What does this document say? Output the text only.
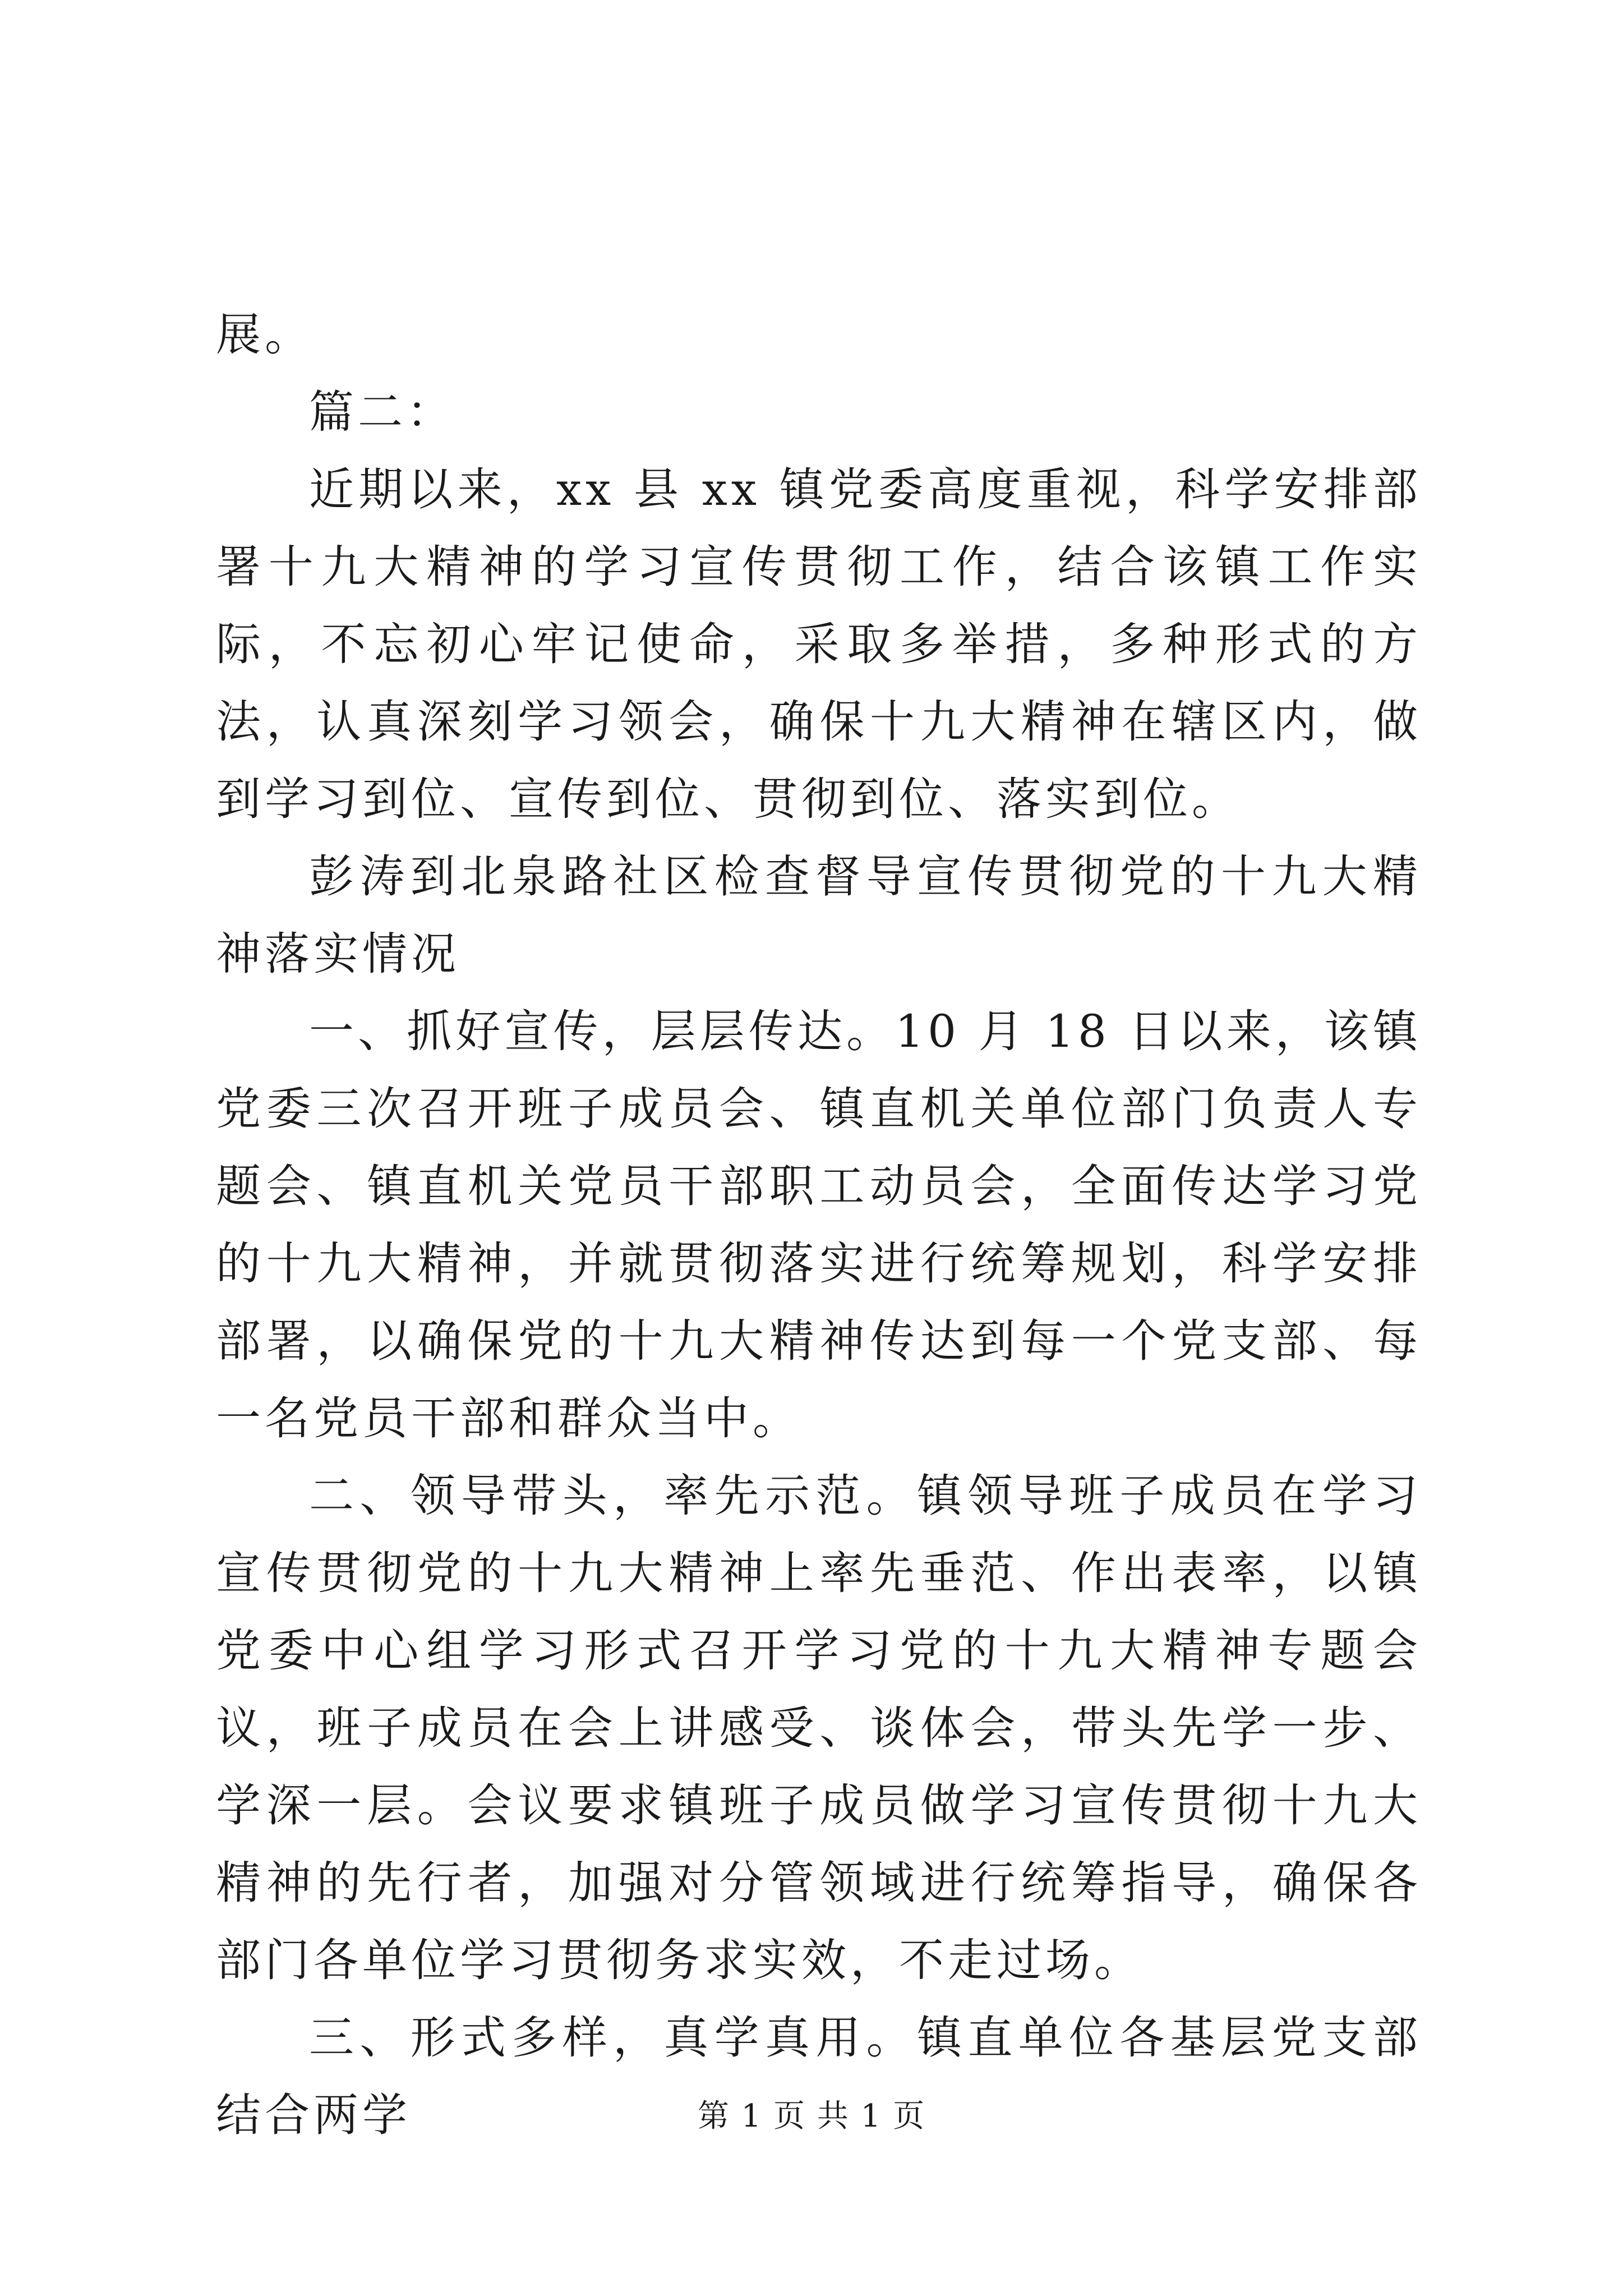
展。

篇二：

近期以来，xx 县 xx 镇党委高度重视，科学安排部署十九大精神的学习宣传贯彻工作，结合该镇工作实际，不忘初心牢记使命，采取多举措，多种形式的方法，认真深刻学习领会，确保十九大精神在辖区内，做到学习到位、宣传到位、贯彻到位、落实到位。

彭涛到北泉路社区检查督导宣传贯彻党的十九大精神落实情况

一、抓好宣传，层层传达。10 月 18 日以来，该镇党委三次召开班子成员会、镇直机关单位部门负责人专题会、镇直机关党员干部职工动员会，全面传达学习党的十九大精神，并就贯彻落实进行统筹规划，科学安排部署，以确保党的十九大精神传达到每一个党支部、每一名党员干部和群众当中。

二、领导带头，率先示范。镇领导班子成员在学习宣传贯彻党的十九大精神上率先垂范、作出表率，以镇党委中心组学习形式召开学习党的十九大精神专题会议，班子成员在会上讲感受、谈体会，带头先学一步、学深一层。会议要求镇班子成员做学习宣传贯彻十九大精神的先行者，加强对分管领域进行统筹指导，确保各部门各单位学习贯彻务求实效，不走过场。

三、形式多样，真学真用。镇直单位各基层党支部结合两学	第 1 页 共 1 页
